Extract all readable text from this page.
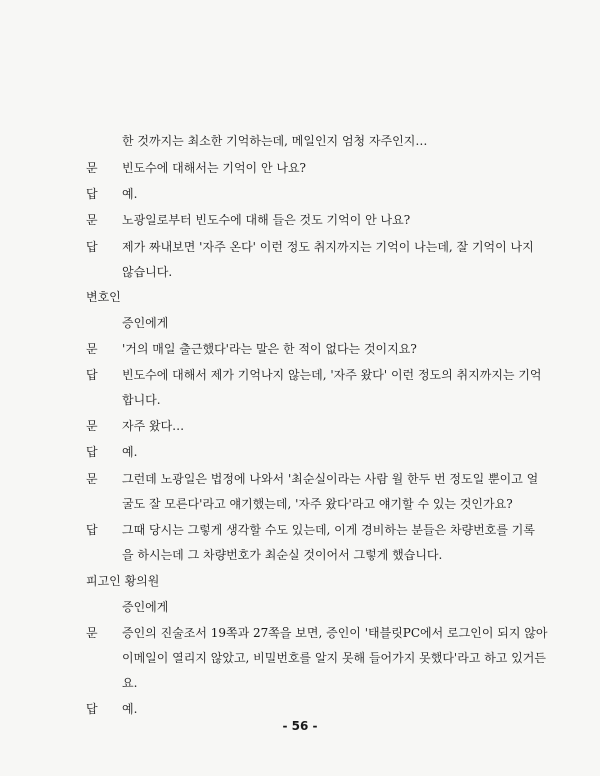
한 것까지는 최소한 기억하는데, 메일인지 엄청 자주인지…
문 빈도수에 대해서는 기억이 안 나요?
답 예.
문 노광일로부터 빈도수에 대해 들은 것도 기억이 안 나요?
답 제가 짜내보면 '자주 온다' 이런 정도 취지까지는 기억이 나는데, 잘 기억이 나지
않습니다.
변호인
증인에게
문 '거의 매일 출근했다'라는 말은 한 적이 없다는 것이지요?
답 빈도수에 대해서 제가 기억나지 않는데, '자주 왔다' 이런 정도의 취지까지는 기억
합니다.
문 자주 왔다…
답 예.
문 그런데 노광일은 법정에 나와서 '최순실이라는 사람 월 한두 번 정도일 뿐이고 얼
굴도 잘 모른다'라고 얘기했는데, '자주 왔다'라고 얘기할 수 있는 것인가요?
답 그때 당시는 그렇게 생각할 수도 있는데, 이게 경비하는 분들은 차량번호를 기록
을 하시는데 그 차량번호가 최순실 것이어서 그렇게 했습니다.
피고인 황의원
증인에게
문 증인의 진술조서 19쪽과 27쪽을 보면, 증인이 '태블릿PC에서 로그인이 되지 않아
이메일이 열리지 않았고, 비밀번호를 알지 못해 들어가지 못했다'라고 하고 있거든
요.
답 예.
- 56 -
